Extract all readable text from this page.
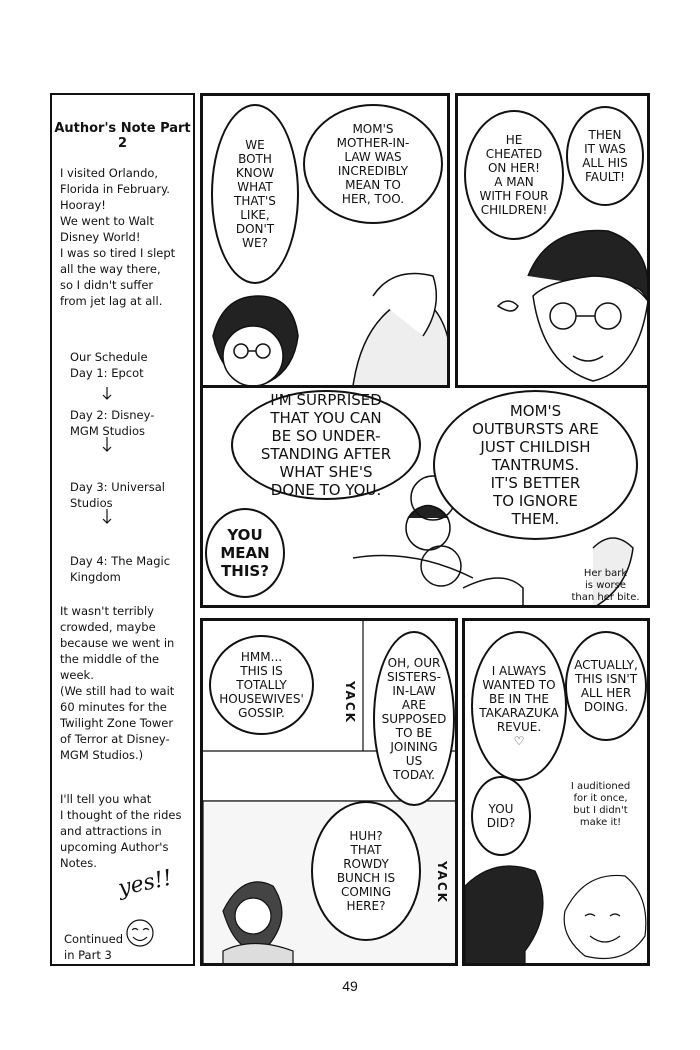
Author's Note Part 2
I visited Orlando,
Florida in February.
Hooray!
We went to Walt
Disney World!
I was so tired I slept
all the way there,
so I didn't suffer
from jet lag at all.
Our Schedule
Day 1: Epcot
Day 2: Disney-
MGM Studios
Day 3: Universal
Studios
Day 4: The Magic
Kingdom
It wasn't terribly
crowded, maybe
because we went in
the middle of the week.
(We still had to wait
60 minutes for the
Twilight Zone Tower
of Terror at Disney-
MGM Studios.)
I'll tell you what
I thought of the rides
and attractions in
upcoming Author's
Notes.
yes!!
Continued
in Part 3
WE
BOTH
KNOW
WHAT
THAT'S
LIKE,
DON'T
WE?
MOM'S
MOTHER-IN-
LAW WAS
INCREDIBLY
MEAN TO
HER, TOO.
HE
CHEATED
ON HER!
A MAN
WITH FOUR
CHILDREN!
THEN
IT WAS
ALL HIS
FAULT!
I'M SURPRISED
THAT YOU CAN
BE SO UNDER-
STANDING AFTER
WHAT SHE'S
DONE TO YOU.
MOM'S
OUTBURSTS ARE
JUST CHILDISH
TANTRUMS.
IT'S BETTER
TO IGNORE
THEM.
YOU
MEAN
THIS?	Her bark
is worse
than her bite.
HMM...
THIS IS
TOTALLY
HOUSEWIVES'
GOSSIP.
OH, OUR
SISTERS-
IN-LAW ARE
SUPPOSED
TO BE
JOINING US
TODAY.
HUH?
THAT
ROWDY
BUNCH IS
COMING
HERE?
YACK
YACK
I ALWAYS
WANTED TO
BE IN THE
TAKARAZUKA
REVUE.
♡
ACTUALLY,
THIS ISN'T
ALL HER
DOING.
YOU
DID?
I auditioned
for it once,
but I didn't
make it!
49
